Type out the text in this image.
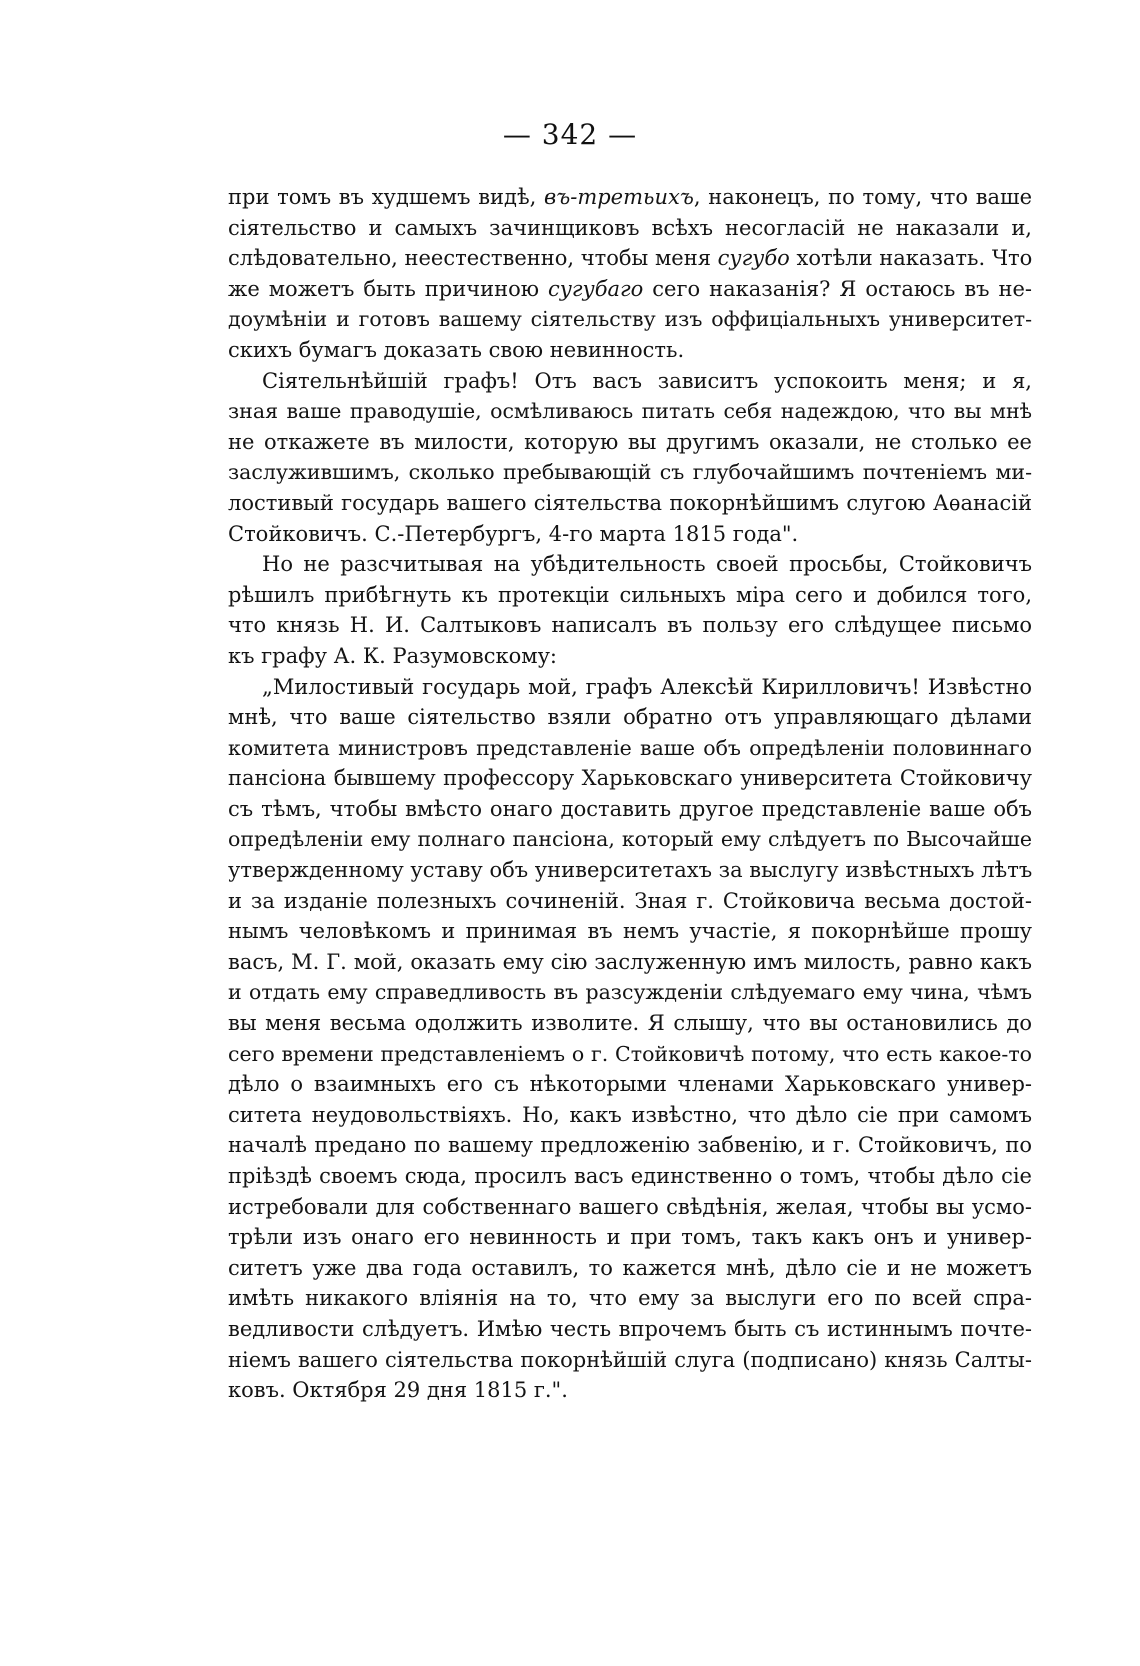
— 342 —
при томъ въ худшемъ видѣ, въ-третьихъ, наконецъ, по тому, что ваше
сіятельство и самыхъ зачинщиковъ всѣхъ несогласій не наказали и,
слѣдовательно, неестественно, чтобы меня сугубо хотѣли наказать. Что
же можетъ быть причиною сугубаго сего наказанія? Я остаюсь въ не-
доумѣніи и готовъ вашему сіятельству изъ оффиціальныхъ университет-
скихъ бумагъ доказать свою невинность.
Сіятельнѣйшій графъ! Отъ васъ зависитъ успокоить меня; и я,
зная ваше праводушіе, осмѣливаюсь питать себя надеждою, что вы мнѣ
не откажете въ милости, которую вы другимъ оказали, не столько ее
заслужившимъ, сколько пребывающій съ глубочайшимъ почтеніемъ ми-
лостивый государь вашего сіятельства покорнѣйшимъ слугою Аѳанасій
Стойковичъ. С.-Петербургъ, 4-го марта 1815 года".
Но не разсчитывая на убѣдительность своей просьбы, Стойковичъ
рѣшилъ прибѣгнуть къ протекціи сильныхъ міра сего и добился того,
что князь Н. И. Салтыковъ написалъ въ пользу его слѣдущее письмо
къ графу А. К. Разумовскому:
„Милостивый государь мой, графъ Алексѣй Кирилловичъ! Извѣстно
мнѣ, что ваше сіятельство взяли обратно отъ управляющаго дѣлами
комитета министровъ представленіе ваше объ опредѣленіи половиннаго
пансіона бывшему профессору Харьковскаго университета Стойковичу
съ тѣмъ, чтобы вмѣсто онаго доставить другое представленіе ваше объ
опредѣленіи ему полнаго пансіона, который ему слѣдуетъ по Высочайше
утвержденному уставу объ университетахъ за выслугу извѣстныхъ лѣтъ
и за изданіе полезныхъ сочиненій. Зная г. Стойковича весьма достой-
нымъ человѣкомъ и принимая въ немъ участіе, я покорнѣйше прошу
васъ, М. Г. мой, оказать ему сію заслуженную имъ милость, равно какъ
и отдать ему справедливость въ разсужденіи слѣдуемаго ему чина, чѣмъ
вы меня весьма одолжить изволите. Я слышу, что вы остановились до
сего времени представленіемъ о г. Стойковичѣ потому, что есть какое-то
дѣло о взаимныхъ его съ нѣкоторыми членами Харьковскаго универ-
ситета неудовольствіяхъ. Но, какъ извѣстно, что дѣло сіе при самомъ
началѣ предано по вашему предложенію забвенію, и г. Стойковичъ, по
пріѣздѣ своемъ сюда, просилъ васъ единственно о томъ, чтобы дѣло сіе
истребовали для собственнаго вашего свѣдѣнія, желая, чтобы вы усмо-
трѣли изъ онаго его невинность и при томъ, такъ какъ онъ и универ-
ситетъ уже два года оставилъ, то кажется мнѣ, дѣло сіе и не можетъ
имѣть никакого вліянія на то, что ему за выслуги его по всей спра-
ведливости слѣдуетъ. Имѣю честь впрочемъ быть съ истиннымъ почте-
ніемъ вашего сіятельства покорнѣйшій слуга (подписано) князь Салты-
ковъ. Октября 29 дня 1815 г.".
